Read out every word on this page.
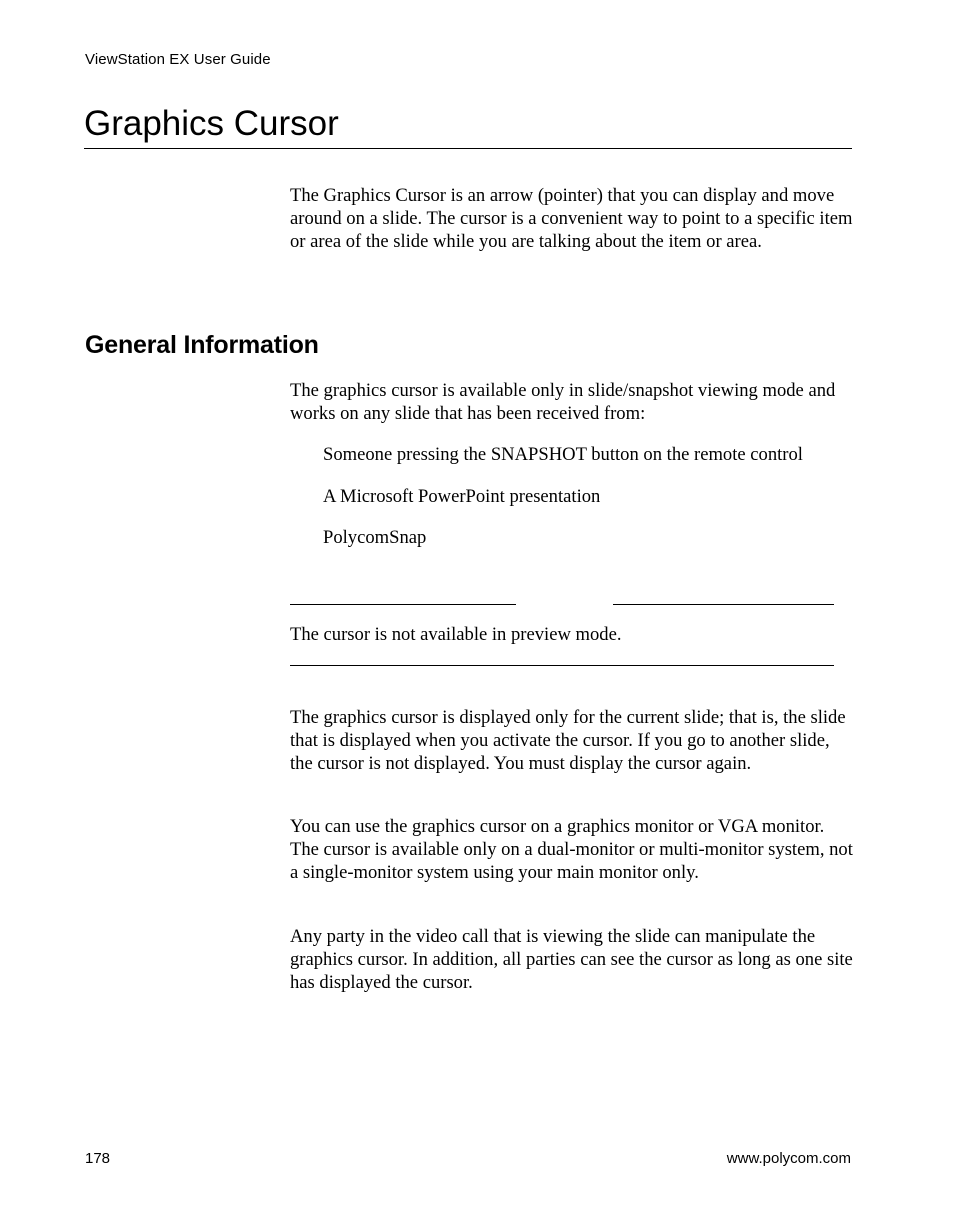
ViewStation EX User Guide
Graphics Cursor

The Graphics Cursor is an arrow (pointer) that you can display and move around on a slide. The cursor is a convenient way to point to a specific item or area of the slide while you are talking about the item or area.

General Information

The graphics cursor is available only in slide/snapshot viewing mode and works on any slide that has been received from:

Someone pressing the SNAPSHOT button on the remote control
A Microsoft PowerPoint presentation
PolycomSnap
The cursor is not available in preview mode.

The graphics cursor is displayed only for the current slide; that is, the slide that is displayed when you activate the cursor. If you go to another slide, the cursor is not displayed. You must display the cursor again.

You can use the graphics cursor on a graphics monitor or VGA monitor. The cursor is available only on a dual-monitor or multi-monitor system, not a single-monitor system using your main monitor only.

Any party in the video call that is viewing the slide can manipulate the graphics cursor. In addition, all parties can see the cursor as long as one site has displayed the cursor.

178	www.polycom.com
